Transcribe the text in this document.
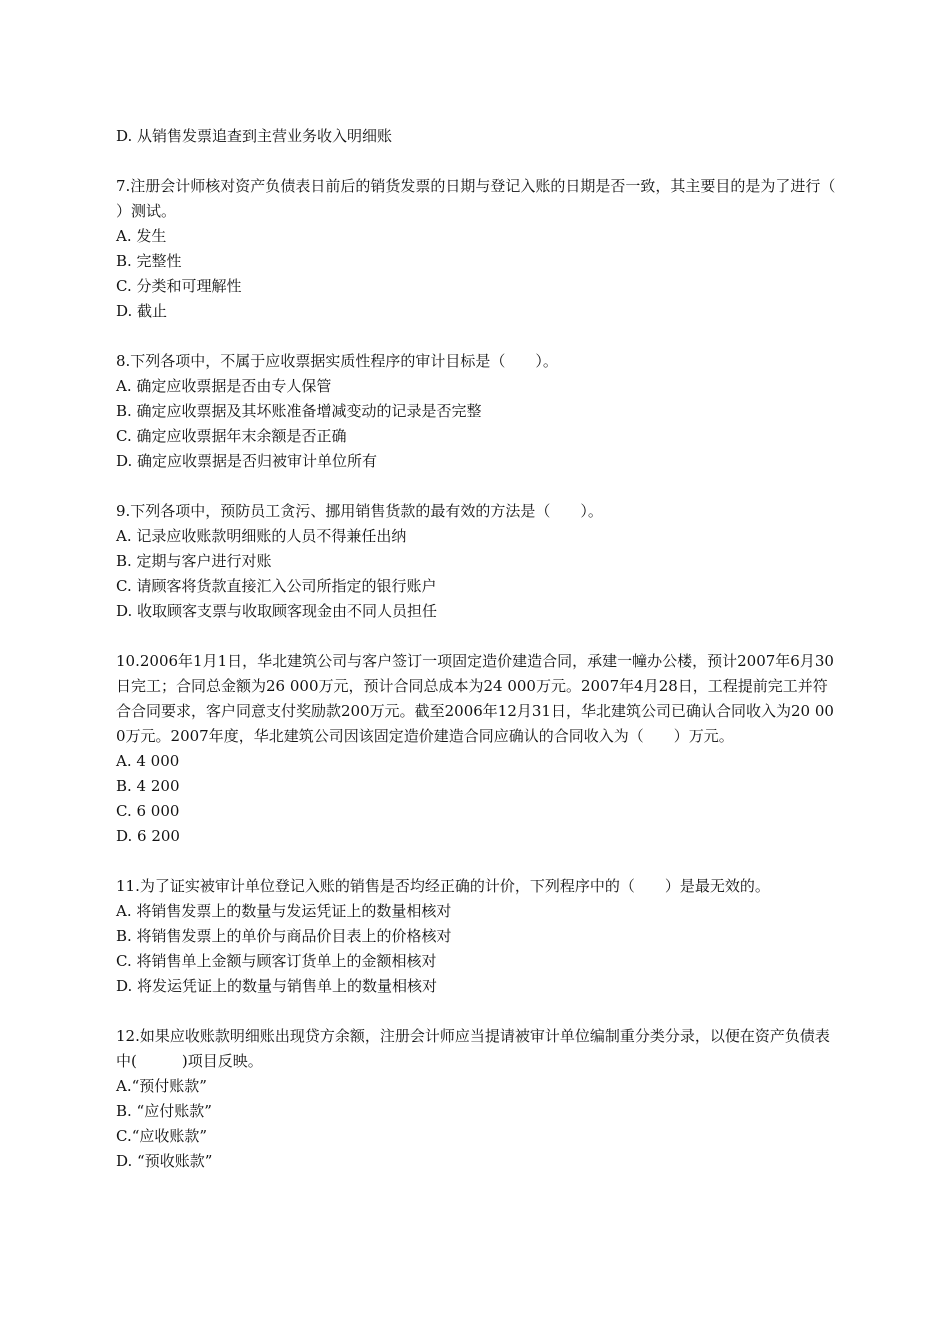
D. 从销售发票追查到主营业务收入明细账
7.注册会计师核对资产负债表日前后的销货发票的日期与登记入账的日期是否一致，其主要目的是为了进行（　　）测试。
A. 发生
B. 完整性
C. 分类和可理解性
D. 截止
8.下列各项中，不属于应收票据实质性程序的审计目标是（　　）。
A. 确定应收票据是否由专人保管
B. 确定应收票据及其坏账准备增减变动的记录是否完整
C. 确定应收票据年末余额是否正确
D. 确定应收票据是否归被审计单位所有
9.下列各项中，预防员工贪污、挪用销售货款的最有效的方法是（　　）。
A. 记录应收账款明细账的人员不得兼任出纳
B. 定期与客户进行对账
C. 请顾客将货款直接汇入公司所指定的银行账户
D. 收取顾客支票与收取顾客现金由不同人员担任
10.2006年1月1日，华北建筑公司与客户签订一项固定造价建造合同，承建一幢办公楼，预计2007年6月30日完工；合同总金额为26 000万元，预计合同总成本为24 000万元。2007年4月28日，工程提前完工并符合合同要求，客户同意支付奖励款200万元。截至2006年12月31日，华北建筑公司已确认合同收入为20 000万元。2007年度，华北建筑公司因该固定造价建造合同应确认的合同收入为（　　）万元。
A. 4 000
B. 4 200
C. 6 000
D. 6 200
11.为了证实被审计单位登记入账的销售是否均经正确的计价，下列程序中的（　　）是最无效的。
A. 将销售发票上的数量与发运凭证上的数量相核对
B. 将销售发票上的单价与商品价目表上的价格核对
C. 将销售单上金额与顾客订货单上的金额相核对
D. 将发运凭证上的数量与销售单上的数量相核对
12.如果应收账款明细账出现贷方余额，注册会计师应当提请被审计单位编制重分类分录，以便在资产负债表中(　　　)项目反映。
A.“预付账款”
B. “应付账款”
C.“应收账款”
D. “预收账款”
